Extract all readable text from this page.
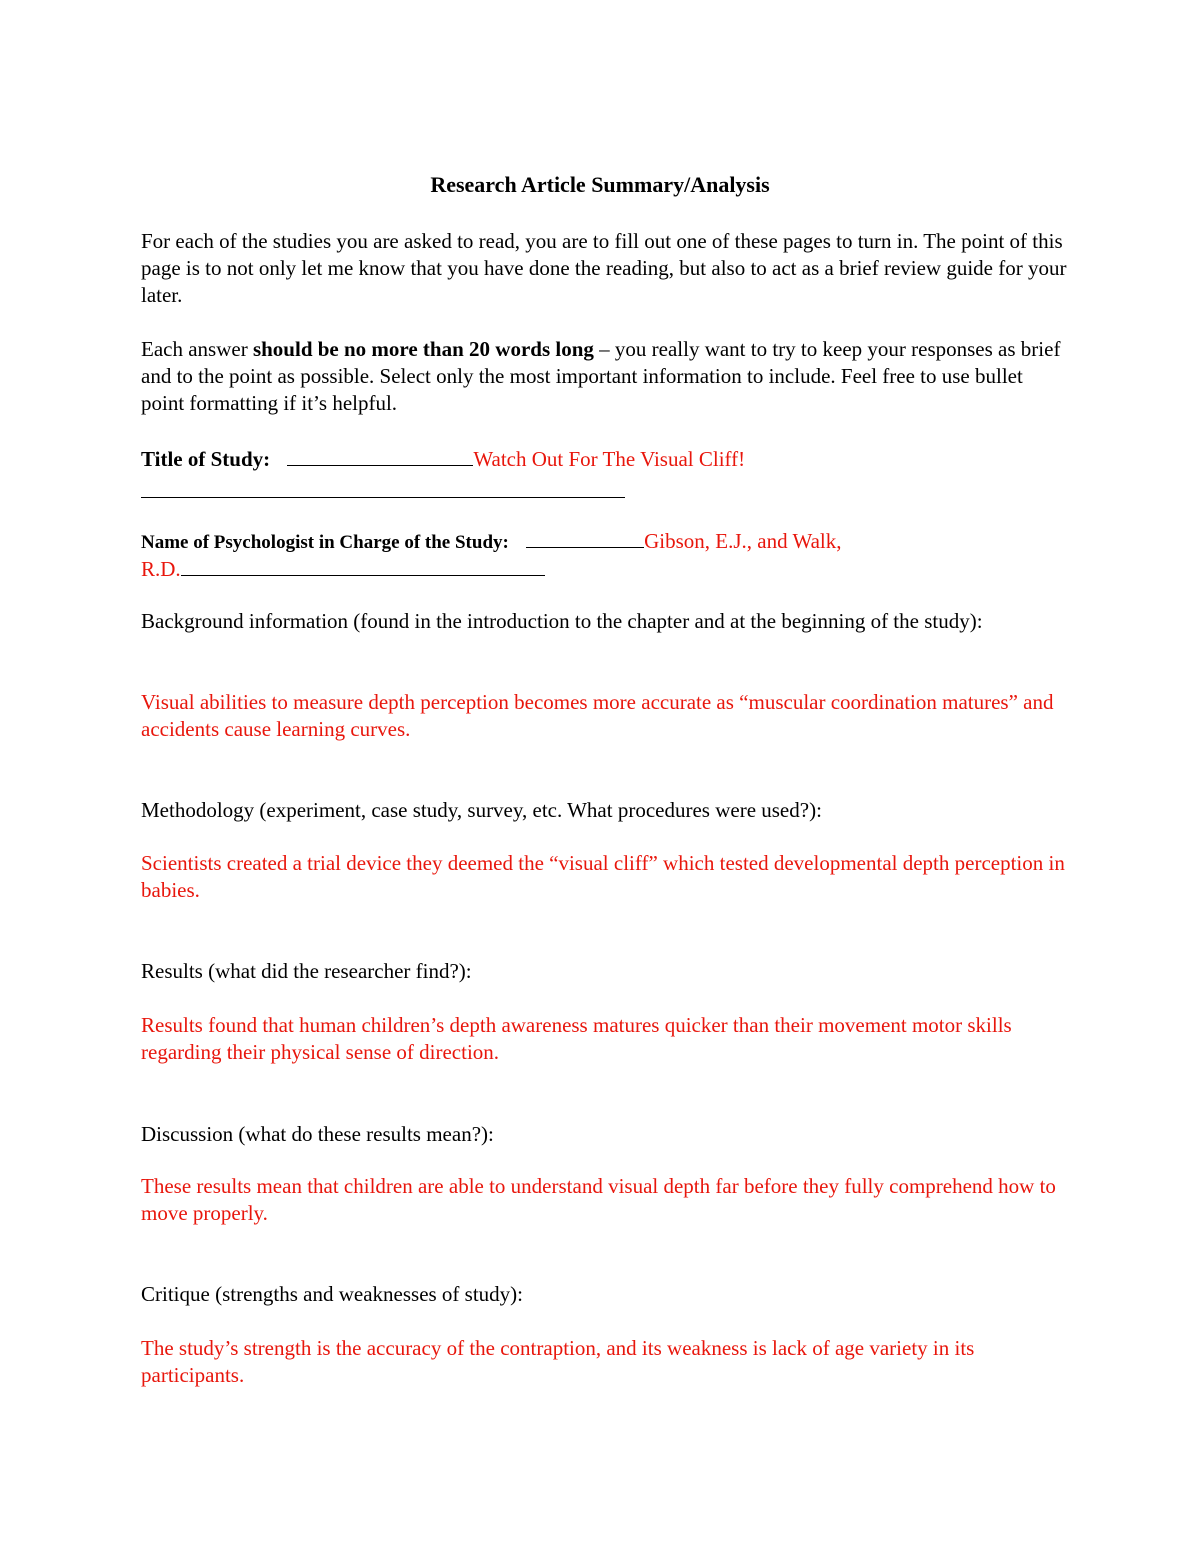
Research Article Summary/Analysis
For each of the studies you are asked to read, you are to fill out one of these pages to turn in. The point of this page is to not only let me know that you have done the reading, but also to act as a brief review guide for your later.
Each answer should be no more than 20 words long – you really want to try to keep your responses as brief and to the point as possible. Select only the most important information to include. Feel free to use bullet point formatting if it’s helpful.
Title of Study:	Watch Out For The Visual Cliff!
Name of Psychologist in Charge of the Study:	Gibson, E.J., and Walk,
R.D.
Background information (found in the introduction to the chapter and at the beginning of the study):
Visual abilities to measure depth perception becomes more accurate as “muscular coordination matures” and accidents cause learning curves.
Methodology (experiment, case study, survey, etc. What procedures were used?):
Scientists created a trial device they deemed the “visual cliff” which tested developmental depth perception in babies.
Results (what did the researcher find?):
Results found that human children’s depth awareness matures quicker than their movement motor skills regarding their physical sense of direction.
Discussion (what do these results mean?):
These results mean that children are able to understand visual depth far before they fully comprehend how to move properly.
Critique (strengths and weaknesses of study):
The study’s strength is the accuracy of the contraption, and its weakness is lack of age variety in its participants.
